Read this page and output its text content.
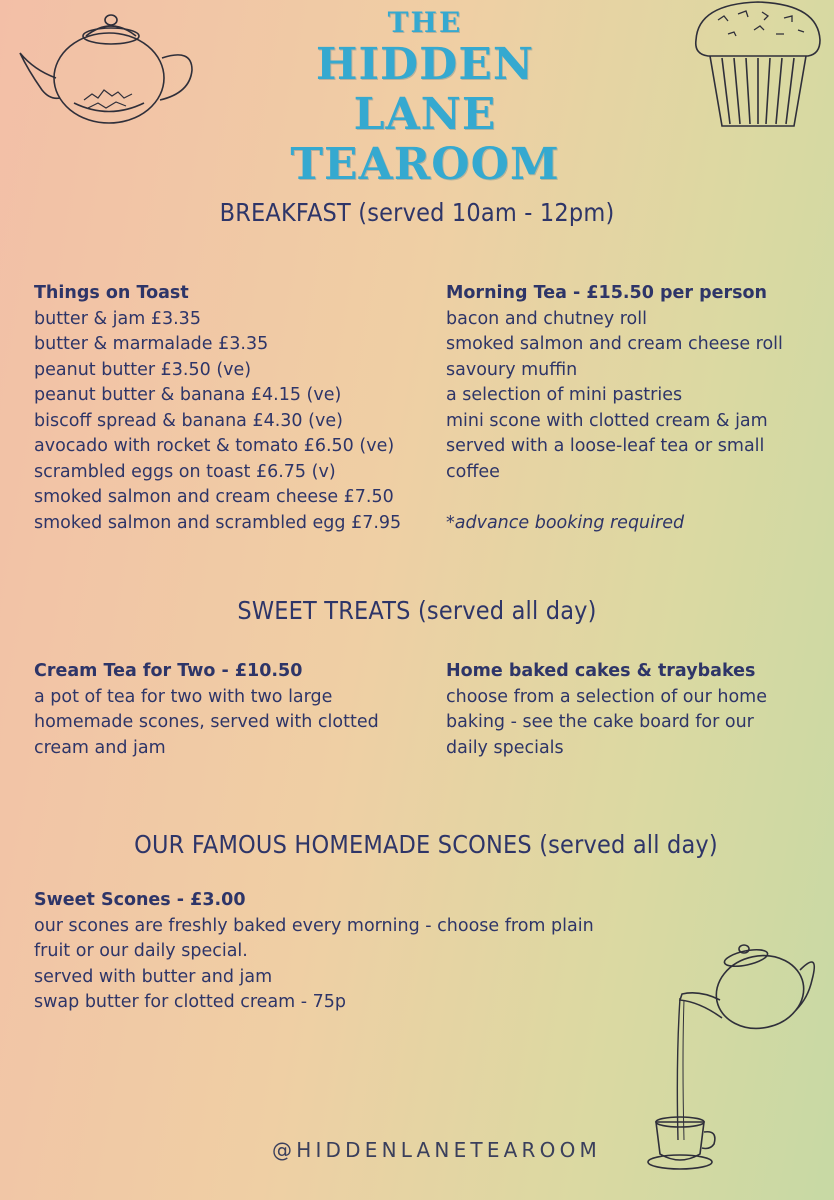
THE
HIDDEN LANE
TEAROOM
BREAKFAST (served 10am - 12pm)
Things on Toast
butter & jam £3.35
butter & marmalade £3.35
peanut butter £3.50 (ve)
peanut butter & banana £4.15 (ve)
biscoff spread & banana £4.30 (ve)
avocado with rocket & tomato £6.50 (ve)
scrambled eggs on toast £6.75 (v)
smoked salmon and cream cheese £7.50
smoked salmon and scrambled egg £7.95
Morning Tea - £15.50 per person
bacon and chutney roll
smoked salmon and cream cheese roll
savoury muffin
a selection of mini pastries
mini scone with clotted cream & jam
served with a loose-leaf tea or small
coffee
*advance booking required
SWEET TREATS (served all day)
Cream Tea for Two - £10.50
a pot of tea for two with two large
homemade scones, served with clotted
cream and jam
Home baked cakes & traybakes
choose from a selection of our home
baking - see the cake board for our
daily specials
OUR FAMOUS HOMEMADE SCONES (served all day)
Sweet Scones - £3.00
our scones are freshly baked every morning - choose from plain
fruit or our daily special.
served with butter and jam
swap butter for clotted cream - 75p
@HIDDENLANETEAROOM
